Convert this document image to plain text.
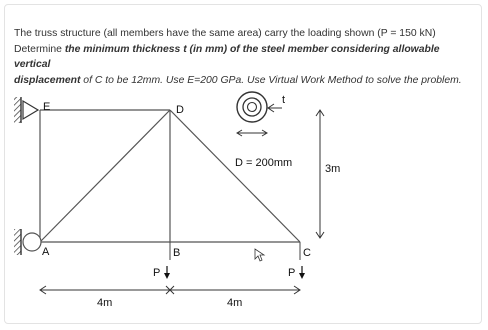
The truss structure (all members have the same area) carry the loading shown (P = 150 kN)
Determine the minimum thickness t (in mm) of the steel member considering allowable vertical
displacement of C to be 12mm. Use E=200 GPa. Use Virtual Work Method to solve the problem.
E	D
A	B	C
P	P
t
D = 200mm	3m
4m	4m
